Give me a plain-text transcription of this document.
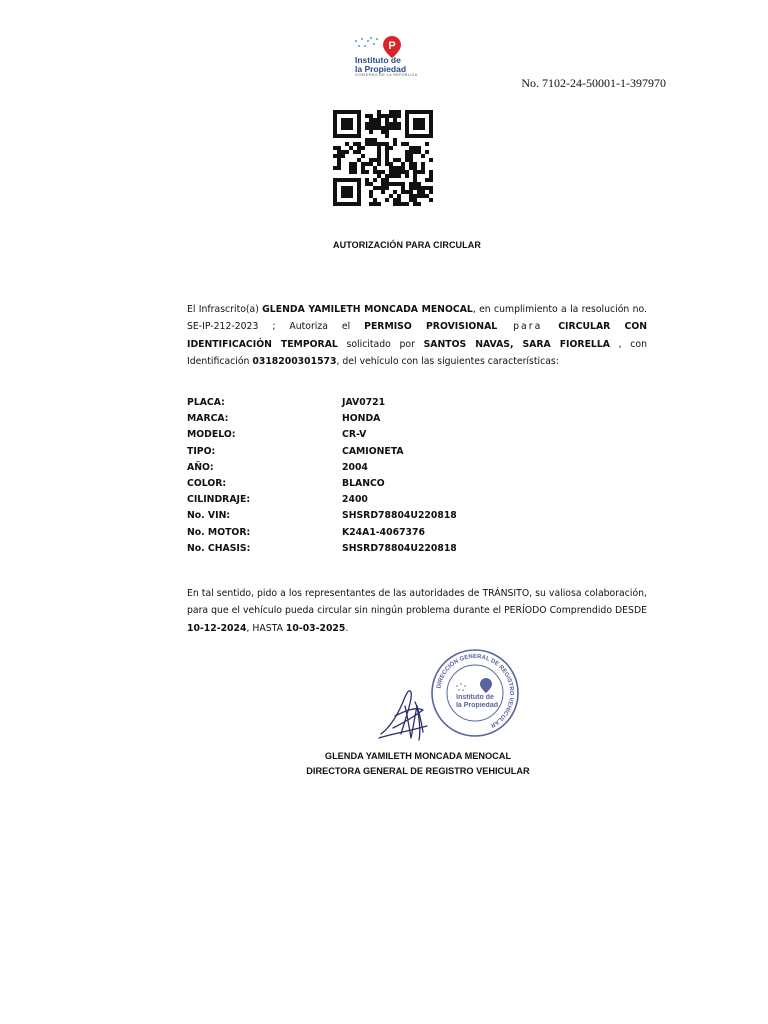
P
Instituto de
la Propiedad
GOBIERNO DE LA REPÚBLICA
No. 7102-24-50001-1-397970
AUTORIZACIÓN PARA CIRCULAR
El Infrascrito(a) GLENDA YAMILETH MONCADA MENOCAL, en cumplimiento a la resolución no. SE-IP-212-2023 ; Autoriza el PERMISO PROVISIONAL para CIRCULAR CON IDENTIFICACIÓN TEMPORAL solicitado por SANTOS NAVAS, SARA FIORELLA , con Identificación 0318200301573, del vehículo con las siguientes características:
PLACA:	JAV0721
MARCA:	HONDA
MODELO:	CR-V
TIPO:	CAMIONETA
AÑO:	2004
COLOR:	BLANCO
CILINDRAJE:	2400
No. VIN:	SHSRD78804U220818
No. MOTOR:	K24A1-4067376
No. CHASIS:	SHSRD78804U220818
En tal sentido, pido a los representantes de las autoridades de TRÁNSITO, su valiosa colaboración, para que el vehículo pueda circular sin ningún problema durante el PERÍODO Comprendido DESDE 10-12-2024, HASTA 10-03-2025.
DIRECCIÓN GENERAL DE REGISTRO VEHICULAR
Instituto de
la Propiedad
GLENDA YAMILETH MONCADA MENOCAL
DIRECTORA GENERAL DE REGISTRO VEHICULAR
